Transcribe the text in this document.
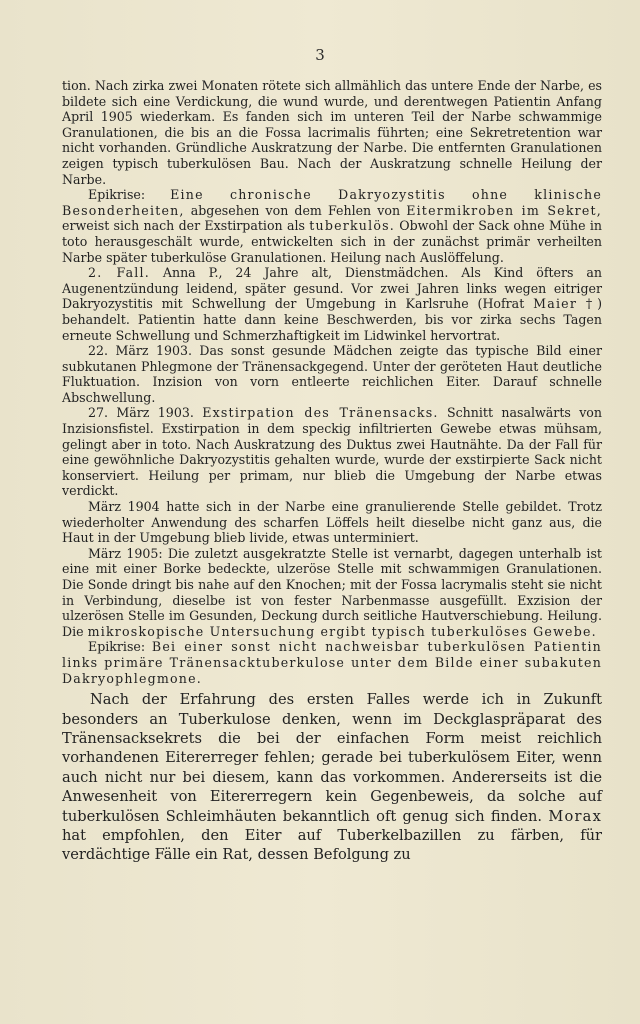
3

tion. Nach zirka zwei Monaten rötete sich allmählich das untere Ende der Narbe, es bildete sich eine Verdickung, die wund wurde, und derentwegen Patientin Anfang April 1905 wiederkam. Es fanden sich im unteren Teil der Narbe schwammige Granulationen, die bis an die Fossa lacrimalis führten; eine Sekretretention war nicht vorhanden. Gründliche Auskratzung der Narbe. Die entfernten Granulationen zeigen typisch tuberkulösen Bau. Nach der Auskratzung schnelle Heilung der Narbe.

Epikrise: Eine chronische Dakryozystitis ohne klinische Besonderheiten, abgesehen von dem Fehlen von Eitermikroben im Sekret, erweist sich nach der Exstirpation als tuberkulös. Obwohl der Sack ohne Mühe in toto herausgeschält wurde, entwickelten sich in der zunächst primär verheilten Narbe später tuberkulöse Granulationen. Heilung nach Auslöffelung.

2. Fall. Anna P., 24 Jahre alt, Dienstmädchen. Als Kind öfters an Augenentzündung leidend, später gesund. Vor zwei Jahren links wegen eitriger Dakryozystitis mit Schwellung der Umgebung in Karlsruhe (Hofrat Maier †) behandelt. Patientin hatte dann keine Beschwerden, bis vor zirka sechs Tagen erneute Schwellung und Schmerzhaftigkeit im Lidwinkel hervortrat.

22. März 1903. Das sonst gesunde Mädchen zeigte das typische Bild einer subkutanen Phlegmone der Tränensackgegend. Unter der geröteten Haut deutliche Fluktuation. Inzision von vorn entleerte reichlichen Eiter. Darauf schnelle Abschwellung.

27. März 1903. Exstirpation des Tränensacks. Schnitt nasalwärts von Inzisionsfistel. Exstirpation in dem speckig infiltrierten Gewebe etwas mühsam, gelingt aber in toto. Nach Auskratzung des Duktus zwei Hautnähte. Da der Fall für eine gewöhnliche Dakryozystitis gehalten wurde, wurde der exstirpierte Sack nicht konserviert. Heilung per primam, nur blieb die Umgebung der Narbe etwas verdickt.

März 1904 hatte sich in der Narbe eine granulierende Stelle gebildet. Trotz wiederholter Anwendung des scharfen Löffels heilt dieselbe nicht ganz aus, die Haut in der Umgebung blieb livide, etwas unterminiert.

März 1905: Die zuletzt ausgekratzte Stelle ist vernarbt, dagegen unterhalb ist eine mit einer Borke bedeckte, ulzeröse Stelle mit schwammigen Granulationen. Die Sonde dringt bis nahe auf den Knochen; mit der Fossa lacrymalis steht sie nicht in Verbindung, dieselbe ist von fester Narbenmasse ausgefüllt. Exzision der ulzerösen Stelle im Gesunden, Deckung durch seitliche Hautverschiebung. Heilung. Die mikroskopische Untersuchung ergibt typisch tuberkulöses Gewebe.

Epikrise: Bei einer sonst nicht nachweisbar tuberkulösen Patientin links primäre Tränensacktuberkulose unter dem Bilde einer subakuten Dakryophlegmone.

Nach der Erfahrung des ersten Falles werde ich in Zukunft besonders an Tuberkulose denken, wenn im Deckglaspräparat des Tränensacksekrets die bei der einfachen Form meist reichlich vorhandenen Eitererreger fehlen; gerade bei tuberkulösem Eiter, wenn auch nicht nur bei diesem, kann das vorkommen. Andererseits ist die Anwesenheit von Eitererregern kein Gegenbeweis, da solche auf tuberkulösen Schleimhäuten bekanntlich oft genug sich finden. Morax hat empfohlen, den Eiter auf Tuberkelbazillen zu färben, für verdächtige Fälle ein Rat, dessen Befolgung zu
